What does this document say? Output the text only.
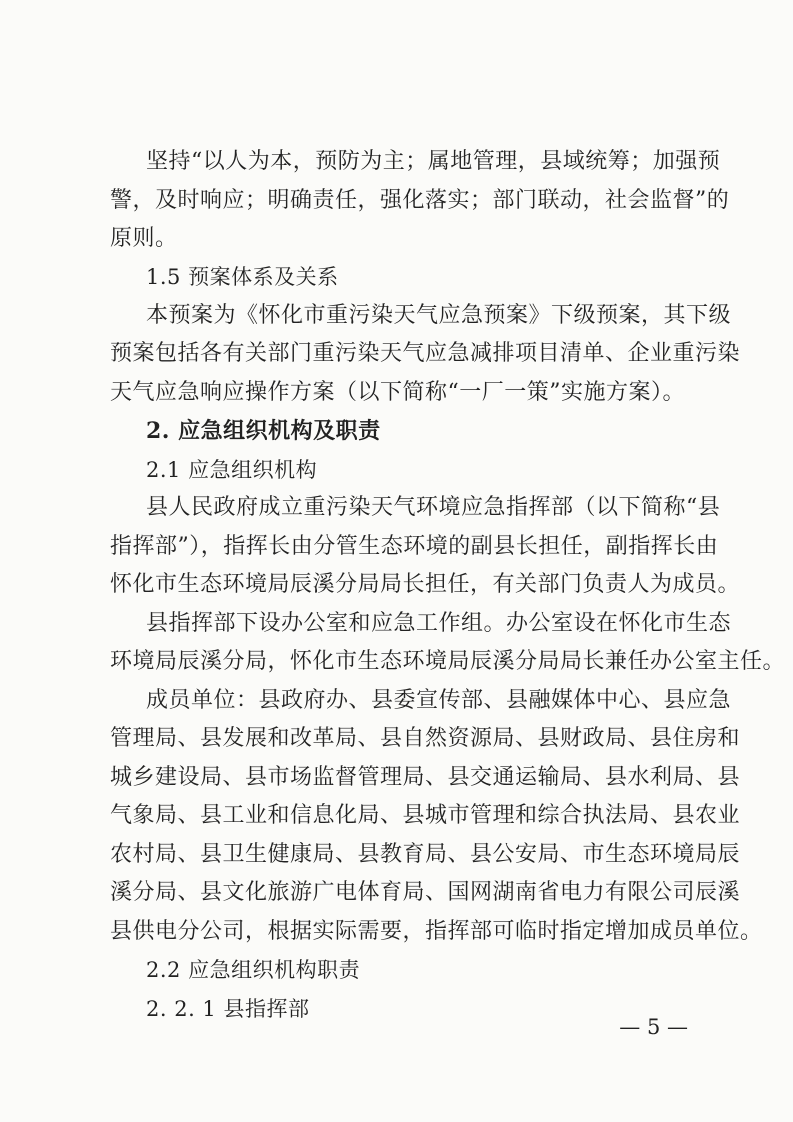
坚持“以人为本，预防为主；属地管理，县域统筹；加强预
警，及时响应；明确责任，强化落实；部门联动，社会监督”的
原则。
1.5 预案体系及关系
本预案为《怀化市重污染天气应急预案》下级预案，其下级
预案包括各有关部门重污染天气应急减排项目清单、企业重污染
天气应急响应操作方案（以下简称“一厂一策”实施方案）。
2. 应急组织机构及职责
2.1 应急组织机构
县人民政府成立重污染天气环境应急指挥部（以下简称“县
指挥部”），指挥长由分管生态环境的副县长担任，副指挥长由
怀化市生态环境局辰溪分局局长担任，有关部门负责人为成员。
县指挥部下设办公室和应急工作组。办公室设在怀化市生态
环境局辰溪分局，怀化市生态环境局辰溪分局局长兼任办公室主任。
成员单位：县政府办、县委宣传部、县融媒体中心、县应急
管理局、县发展和改革局、县自然资源局、县财政局、县住房和
城乡建设局、县市场监督管理局、县交通运输局、县水利局、县
气象局、县工业和信息化局、县城市管理和综合执法局、县农业
农村局、县卫生健康局、县教育局、县公安局、市生态环境局辰
溪分局、县文化旅游广电体育局、国网湖南省电力有限公司辰溪
县供电分公司，根据实际需要，指挥部可临时指定增加成员单位。
2.2 应急组织机构职责
2. 2. 1 县指挥部
— 5 —
